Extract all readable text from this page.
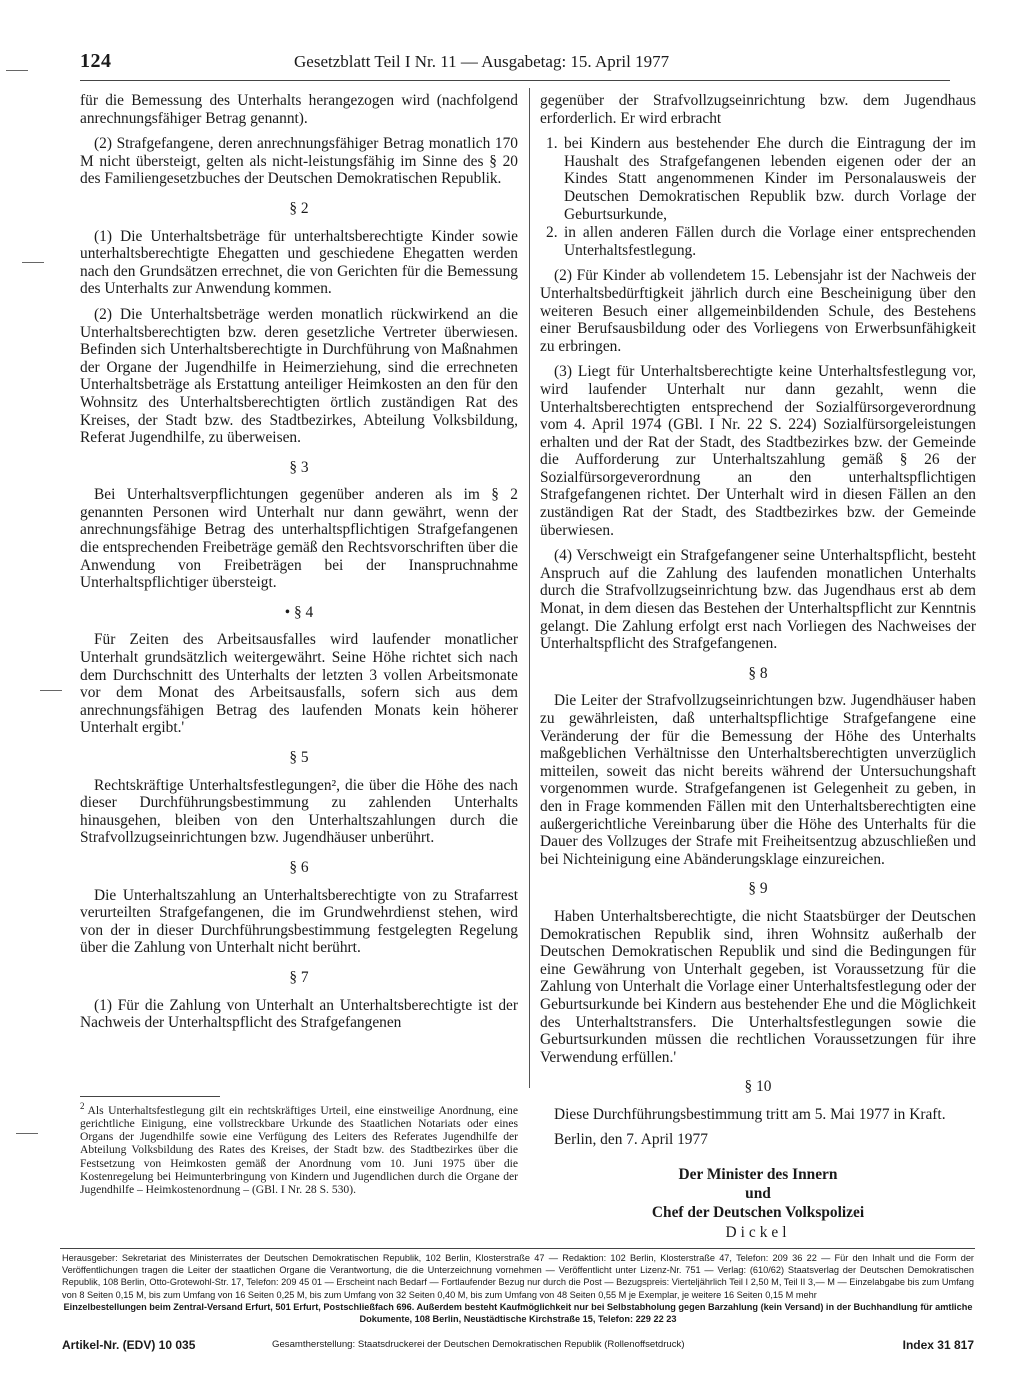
124	Gesetzblatt Teil I Nr. 11 — Ausgabetag: 15. April 1977

für die Bemessung des Unterhalts herangezogen wird (nachfolgend anrechnungsfähiger Betrag genannt).

(2) Strafgefangene, deren anrechnungsfähiger Betrag monatlich 170 M nicht übersteigt, gelten als nicht-leistungsfähig im Sinne des § 20 des Familiengesetzbuches der Deutschen Demokratischen Republik.

§ 2

(1) Die Unterhaltsbeträge für unterhaltsberechtigte Kinder sowie unterhaltsberechtigte Ehegatten und geschiedene Ehegatten werden nach den Grundsätzen errechnet, die von Gerichten für die Bemessung des Unterhalts zur Anwendung kommen.

(2) Die Unterhaltsbeträge werden monatlich rückwirkend an die Unterhaltsberechtigten bzw. deren gesetzliche Vertreter überwiesen. Befinden sich Unterhaltsberechtigte in Durchführung von Maßnahmen der Organe der Jugendhilfe in Heimerziehung, sind die errechneten Unterhaltsbeträge als Erstattung anteiliger Heimkosten an den für den Wohnsitz des Unterhaltsberechtigten örtlich zuständigen Rat des Kreises, der Stadt bzw. des Stadtbezirkes, Abteilung Volksbildung, Referat Jugendhilfe, zu überweisen.

§ 3

Bei Unterhaltsverpflichtungen gegenüber anderen als im § 2 genannten Personen wird Unterhalt nur dann gewährt, wenn der anrechnungsfähige Betrag des unterhaltspflichtigen Strafgefangenen die entsprechenden Freibeträge gemäß den Rechtsvorschriften über die Anwendung von Freibeträgen bei der Inanspruchnahme Unterhaltspflichtiger übersteigt.

• § 4

Für Zeiten des Arbeitsausfalles wird laufender monatlicher Unterhalt grundsätzlich weitergewährt. Seine Höhe richtet sich nach dem Durchschnitt des Unterhalts der letzten 3 vollen Arbeitsmonate vor dem Monat des Arbeitsausfalls, sofern sich aus dem anrechnungsfähigen Betrag des laufenden Monats kein höherer Unterhalt ergibt.'

§ 5

Rechtskräftige Unterhaltsfestlegungen², die über die Höhe des nach dieser Durchführungsbestimmung zu zahlenden Unterhalts hinausgehen, bleiben von den Unterhaltszahlungen durch die Strafvollzugseinrichtungen bzw. Jugendhäuser unberührt.

§ 6

Die Unterhaltszahlung an Unterhaltsberechtigte von zu Strafarrest verurteilten Strafgefangenen, die im Grundwehrdienst stehen, wird von der in dieser Durchführungsbestimmung festgelegten Regelung über die Zahlung von Unterhalt nicht berührt.

§ 7

(1) Für die Zahlung von Unterhalt an Unterhaltsberechtigte ist der Nachweis der Unterhaltspflicht des Strafgefangenen

$^2$ Als Unterhaltsfestlegung gilt ein rechtskräftiges Urteil, eine einstweilige Anordnung, eine gerichtliche Einigung, eine vollstreckbare Urkunde des Staatlichen Notariats oder eines Organs der Jugendhilfe sowie eine Verfügung des Leiters des Referates Jugendhilfe der Abteilung Volksbildung des Rates des Kreises, der Stadt bzw. des Stadtbezirkes über die Festsetzung von Heimkosten gemäß der Anordnung vom 10. Juni 1975 über die Kostenregelung bei Heimunterbringung von Kindern und Jugendlichen durch die Organe der Jugendhilfe – Heimkostenordnung – (GBl. I Nr. 28 S. 530).

gegenüber der Strafvollzugseinrichtung bzw. dem Jugendhaus erforderlich. Er wird erbracht

1. bei Kindern aus bestehender Ehe durch die Eintragung der im Haushalt des Strafgefangenen lebenden eigenen oder der an Kindes Statt angenommenen Kinder im Personalausweis der Deutschen Demokratischen Republik bzw. durch Vorlage der Geburtsurkunde,
2. in allen anderen Fällen durch die Vorlage einer entsprechenden Unterhaltsfestlegung.

(2) Für Kinder ab vollendetem 15. Lebensjahr ist der Nachweis der Unterhaltsbedürftigkeit jährlich durch eine Bescheinigung über den weiteren Besuch einer allgemeinbildenden Schule, des Bestehens einer Berufsausbildung oder des Vorliegens von Erwerbsunfähigkeit zu erbringen.

(3) Liegt für Unterhaltsberechtigte keine Unterhaltsfestlegung vor, wird laufender Unterhalt nur dann gezahlt, wenn die Unterhaltsberechtigten entsprechend der Sozialfürsorgeverordnung vom 4. April 1974 (GBl. I Nr. 22 S. 224) Sozialfürsorgeleistungen erhalten und der Rat der Stadt, des Stadtbezirkes bzw. der Gemeinde die Aufforderung zur Unterhaltszahlung gemäß § 26 der Sozialfürsorgeverordnung an den unterhaltspflichtigen Strafgefangenen richtet. Der Unterhalt wird in diesen Fällen an den zuständigen Rat der Stadt, des Stadtbezirkes bzw. der Gemeinde überwiesen.

(4) Verschweigt ein Strafgefangener seine Unterhaltspflicht, besteht Anspruch auf die Zahlung des laufenden monatlichen Unterhalts durch die Strafvollzugseinrichtung bzw. das Jugendhaus erst ab dem Monat, in dem diesen das Bestehen der Unterhaltspflicht zur Kenntnis gelangt. Die Zahlung erfolgt erst nach Vorliegen des Nachweises der Unterhaltspflicht des Strafgefangenen.

§ 8

Die Leiter der Strafvollzugseinrichtungen bzw. Jugendhäuser haben zu gewährleisten, daß unterhaltspflichtige Strafgefangene eine Veränderung der für die Bemessung der Höhe des Unterhalts maßgeblichen Verhältnisse den Unterhaltsberechtigten unverzüglich mitteilen, soweit das nicht bereits während der Untersuchungshaft vorgenommen wurde. Strafgefangenen ist Gelegenheit zu geben, in den in Frage kommenden Fällen mit den Unterhaltsberechtigten eine außergerichtliche Vereinbarung über die Höhe des Unterhalts für die Dauer des Vollzuges der Strafe mit Freiheitsentzug abzuschließen und bei Nichteinigung eine Abänderungsklage einzureichen.

§ 9

Haben Unterhaltsberechtigte, die nicht Staatsbürger der Deutschen Demokratischen Republik sind, ihren Wohnsitz außerhalb der Deutschen Demokratischen Republik und sind die Bedingungen für eine Gewährung von Unterhalt gegeben, ist Voraussetzung für die Zahlung von Unterhalt die Vorlage einer Unterhaltsfestlegung oder der Geburtsurkunde bei Kindern aus bestehender Ehe und die Möglichkeit des Unterhaltstransfers. Die Unterhaltsfestlegungen sowie die Geburtsurkunden müssen die rechtlichen Voraussetzungen für ihre Verwendung erfüllen.'

§ 10

Diese Durchführungsbestimmung tritt am 5. Mai 1977 in Kraft.

Berlin, den 7. April 1977

Der Minister des Innern
und
Chef der Deutschen Volkspolizei
Dickel

Herausgeber: Sekretariat des Ministerrates der Deutschen Demokratischen Republik, 102 Berlin, Klosterstraße 47 — Redaktion: 102 Berlin, Klosterstraße 47, Telefon: 209 36 22 — Für den Inhalt und die Form der Veröffentlichungen tragen die Leiter der staatlichen Organe die Verantwortung, die die Unterzeichnung vornehmen — Veröffentlicht unter Lizenz-Nr. 751 — Verlag: (610/62) Staatsverlag der Deutschen Demokratischen Republik, 108 Berlin, Otto-Grotewohl-Str. 17, Telefon: 209 45 01 — Erscheint nach Bedarf — Fortlaufender Bezug nur durch die Post — Bezugspreis: Vierteljährlich Teil I 2,50 M, Teil II 3,— M — Einzelabgabe bis zum Umfang von 8 Seiten 0,15 M, bis zum Umfang von 16 Seiten 0,25 M, bis zum Umfang von 32 Seiten 0,40 M, bis zum Umfang von 48 Seiten 0,55 M je Exemplar, je weitere 16 Seiten 0,15 M mehr

Einzelbestellungen beim Zentral-Versand Erfurt, 501 Erfurt, Postschließfach 696. Außerdem besteht Kaufmöglichkeit nur bei Selbstabholung gegen Barzahlung (kein Versand) in der Buchhandlung für amtliche Dokumente, 108 Berlin, Neustädtische Kirchstraße 15, Telefon: 229 22 23

Artikel-Nr. (EDV) 10 035	Gesamtherstellung: Staatsdruckerei der Deutschen Demokratischen Republik (Rollenoffsetdruck)	Index 31 817
